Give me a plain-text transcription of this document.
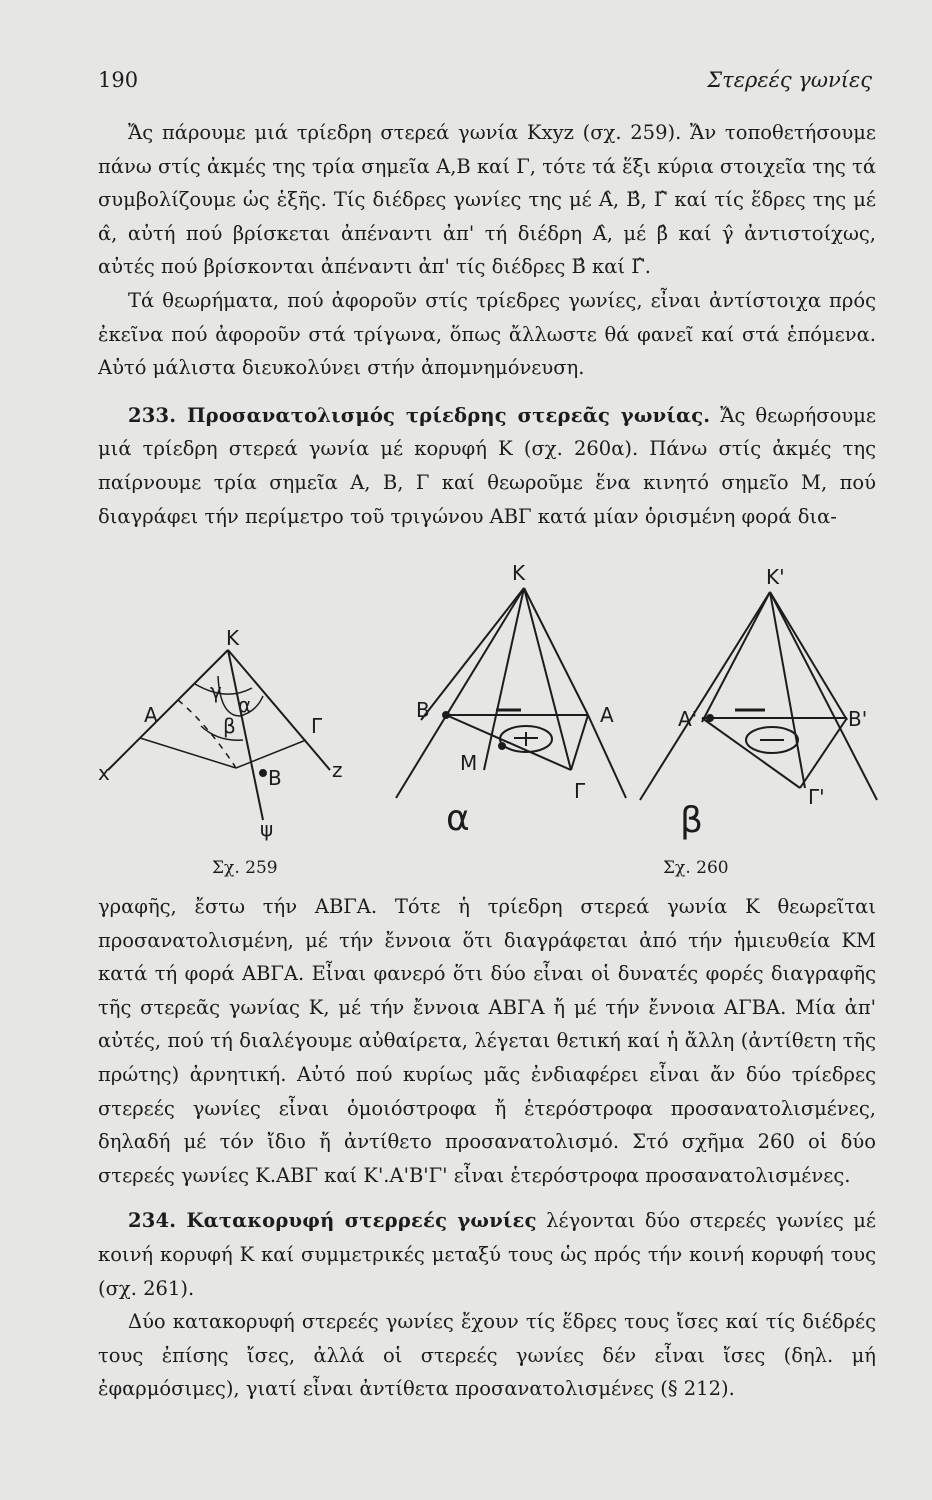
190	Στερεές γωνίες

Ἄς πάρουμε μιά τρίεδρη στερεά γωνία Κxyz (σχ. 259). Ἄν τοποθετήσουμε πάνω στίς ἀκμές της τρία σημεῖα Α,Β καί Γ, τότε τά ἕξι κύρια στοιχεῖα της τά συμβολίζουμε ὡς ἑξῆς. Τίς διέδρες γωνίες της μέ Α̂, Β̂, Γ̂ καί τίς ἕδρες της μέ α̂, αὐτή πού βρίσκεται ἀπέναντι ἀπ' τή διέδρη Α̂, μέ β̂ καί γ̂ ἀντιστοίχως, αὐτές πού βρίσκονται ἀπέναντι ἀπ' τίς διέδρες Β̂ καί Γ̂.

Τά θεωρήματα, πού ἀφοροῦν στίς τρίεδρες γωνίες, εἶναι ἀντίστοιχα πρός ἐκεῖνα πού ἀφοροῦν στά τρίγωνα, ὅπως ἄλλωστε θά φανεῖ καί στά ἑπόμενα. Αὐτό μάλιστα διευκολύνει στήν ἀπομνημόνευση.

233. Προσανατολισμός τρίεδρης στερεᾶς γωνίας. Ἄς θεωρήσουμε μιά τρίεδρη στερεά γωνία μέ κορυφή Κ (σχ. 260α). Πάνω στίς ἀκμές της παίρνουμε τρία σημεῖα Α, Β, Γ καί θεωροῦμε ἕνα κινητό σημεῖο Μ, πού διαγράφει τήν περίμετρο τοῦ τριγώνου ΑΒΓ κατά μίαν ὁρισμένη φορά δια-

K
A	Γ
B
x	z
ψ
γ
α
β
Σχ. 259
K
B	A
M
Γ
α
K'
A'	B'
Γ'
β
Σχ. 260

γραφῆς, ἔστω τήν ΑΒΓΑ. Τότε ἡ τρίεδρη στερεά γωνία Κ θεωρεῖται προσανατολισμένη, μέ τήν ἔννοια ὅτι διαγράφεται ἀπό τήν ἡμιευθεία ΚΜ κατά τή φορά ΑΒΓΑ. Εἶναι φανερό ὅτι δύο εἶναι οἱ δυνατές φορές διαγραφῆς τῆς στερεᾶς γωνίας Κ, μέ τήν ἔννοια ΑΒΓΑ ἤ μέ τήν ἔννοια ΑΓΒΑ. Μία ἀπ' αὐτές, πού τή διαλέγουμε αὐθαίρετα, λέγεται θετική καί ἡ ἄλλη (ἀντίθετη τῆς πρώτης) ἀρνητική. Αὐτό πού κυρίως μᾶς ἐνδιαφέρει εἶναι ἄν δύο τρίεδρες στερεές γωνίες εἶναι ὁμοιόστροφα ἤ ἑτερόστροφα προσανατολισμένες, δηλαδή μέ τόν ἴδιο ἤ ἀντίθετο προσανατολισμό. Στό σχῆμα 260 οἱ δύο στερεές γωνίες Κ.ΑΒΓ καί Κ'.Α'Β'Γ' εἶναι ἑτερόστροφα προσανατολισμένες.

234. Κατακορυφή στερρεές γωνίες λέγονται δύο στερεές γωνίες μέ κοινή κορυφή Κ καί συμμετρικές μεταξύ τους ὡς πρός τήν κοινή κορυφή τους (σχ. 261).

Δύο κατακορυφή στερεές γωνίες ἔχουν τίς ἕδρες τους ἴσες καί τίς διέδρές τους ἐπίσης ἴσες, ἀλλά οἱ στερεές γωνίες δέν εἶναι ἴσες (δηλ. μή ἐφαρμόσιμες), γιατί εἶναι ἀντίθετα προσανατολισμένες (§ 212).
